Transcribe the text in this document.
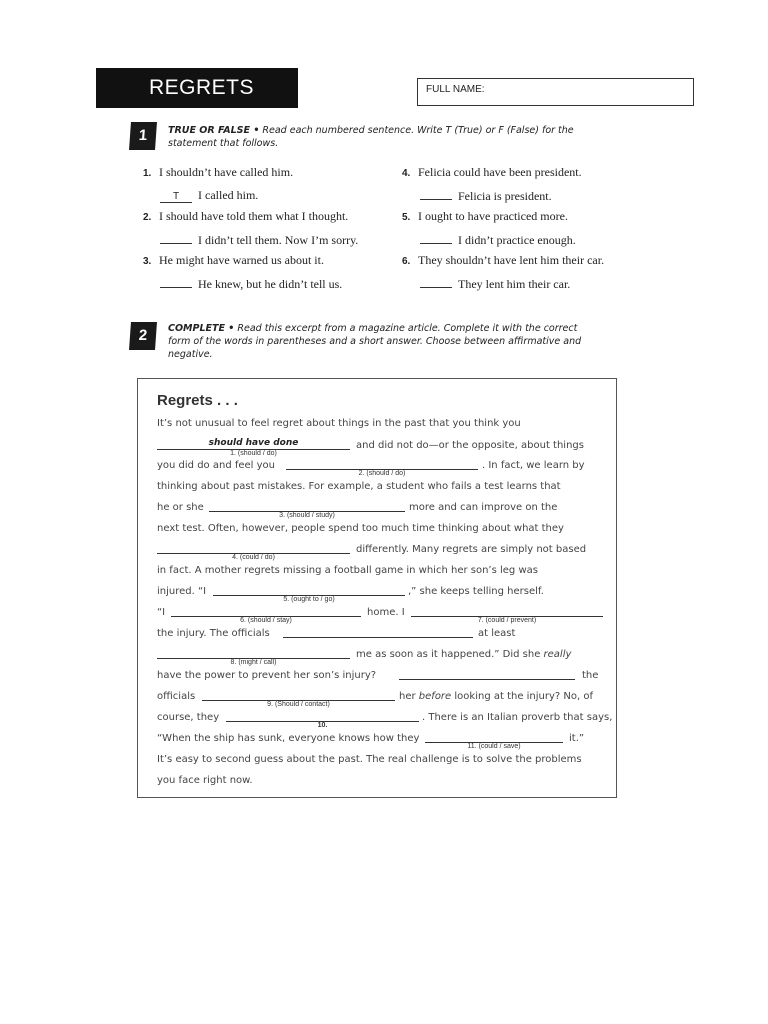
REGRETS	FULL NAME:
1	TRUE OR FALSE • Read each numbered sentence. Write T (True) or F (False) for the statement that follows.
1. I shouldn’t have called him.
T I called him.
2. I should have told them what I thought.
I didn’t tell them. Now I’m sorry.
3. He might have warned us about it.
He knew, but he didn’t tell us.
4. Felicia could have been president.
Felicia is president.
5. I ought to have practiced more.
I didn’t practice enough.
6. They shouldn’t have lent him their car.
They lent him their car.
2	COMPLETE • Read this excerpt from a magazine article. Complete it with the correct form of the words in parentheses and a short answer. Choose between affirmative and negative.
Regrets . . .
It’s not unusual to feel regret about things in the past that you think you
should have done
1. (should / do)
and did not do—or the opposite, about things
you did do and feel you
2. (should / do)
. In fact, we learn by
thinking about past mistakes. For example, a student who fails a test learns that
he or she
3. (should / study)
more and can improve on the
next test. Often, however, people spend too much time thinking about what they
4. (could / do)
differently. Many regrets are simply not based
in fact. A mother regrets missing a football game in which her son’s leg was
injured. “I
5. (ought to / go)
,” she keeps telling herself.
“I
6. (should / stay)
home. I
7. (could / prevent)
the injury. The officials	at least
8. (might / call)
me as soon as it happened.” Did she really
have the power to prevent her son’s injury?	the
officials
9. (Should / contact)
her before looking at the injury? No, of
course, they
10.
. There is an Italian proverb that says,
“When the ship has sunk, everyone knows how they
11. (could / save)
it.”
It’s easy to second guess about the past. The real challenge is to solve the problems
you face right now.
